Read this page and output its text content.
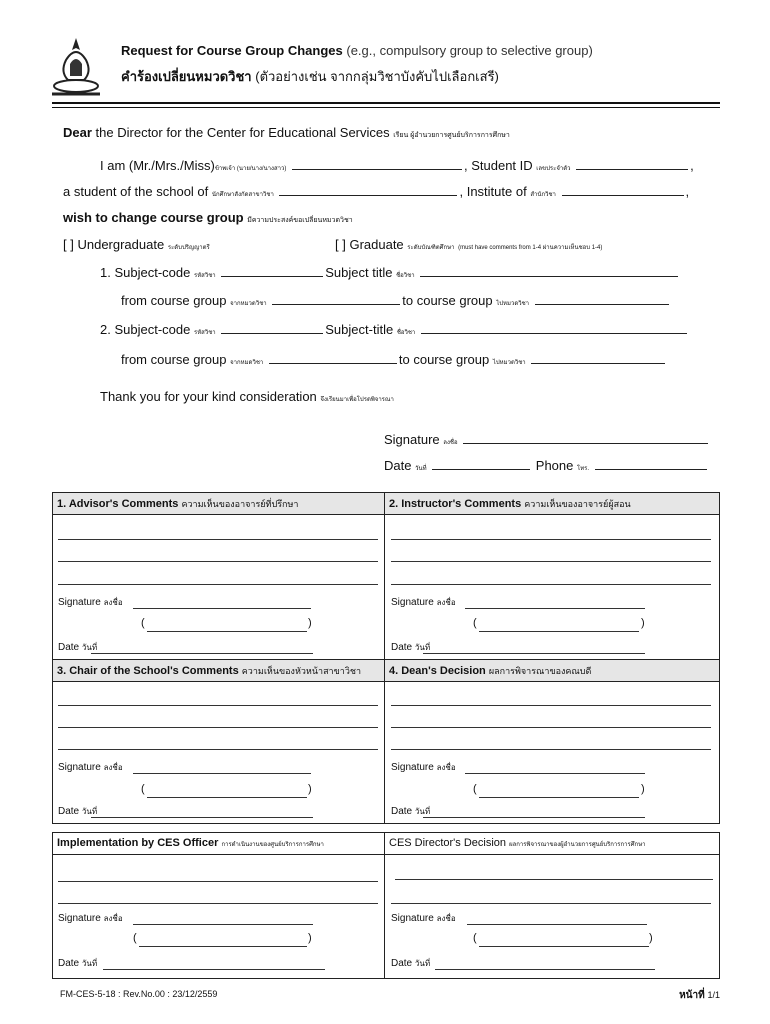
Request for Course Group Changes (e.g., compulsory group to selective group)
คำร้องเปลี่ยนหมวดวิชา (ตัวอย่างเช่น จากกลุ่มวิชาบังคับไปเลือกเสรี)
Dear the Director for the Center for Educational Services เรียน ผู้อำนวยการศูนย์บริการการศึกษา
I am (Mr./Mrs./Miss)ข้าพเจ้า (นาย/นาง/นางสาว)	, Student ID เลขประจำตัว	,
a student of the school of นักศึกษาสังกัดสาขาวิชา	, Institute of สำนักวิชา	,
wish to change course group มีความประสงค์ขอเปลี่ยนหมวดวิชา
[ ] Undergraduate ระดับปริญญาตรี	[ ] Graduate ระดับบัณฑิตศึกษา (must have comments from 1-4 ผ่านความเห็นชอบ 1-4)
1. Subject-code รหัสวิชา	Subject title ชื่อวิชา
from course group จากหมวดวิชา	to course group ไปหมวดวิชา
2. Subject-code รหัสวิชา	Subject-title ชื่อวิชา
from course group จากหมดวิชา	to course group ไปหมวดวิชา
Thank you for your kind consideration จึงเรียนมาเพื่อโปรดพิจารณา
Signature ลงชื่อ
Date วันที่	Phone โทร.
1. Advisor's Comments ความเห็นของอาจารย์ที่ปรึกษา	2. Instructor's Comments ความเห็นของอาจารย์ผู้สอน
3. Chair of the School's Comments ความเห็นของหัวหน้าสาขาวิชา	4. Dean's Decision ผลการพิจารณาของคณบดี
Signature ลงชื่อ
(	)
Date วันที่
Signature ลงชื่อ
(	)
Date วันที่
Signature ลงชื่อ
(	)
Date วันที่
Signature ลงชื่อ
(	)
Date วันที่
Implementation by CES Officer การดำเนินงานของศูนย์บริการการศึกษา	CES Director's Decision ผลการพิจารณาของผู้อำนวยการศูนย์บริการการศึกษา
Signature ลงชื่อ
(	)
Date วันที่
Signature ลงชื่อ
(	)
Date วันที่
FM-CES-5-18 : Rev.No.00 : 23/12/2559	หน้าที่ 1/1
